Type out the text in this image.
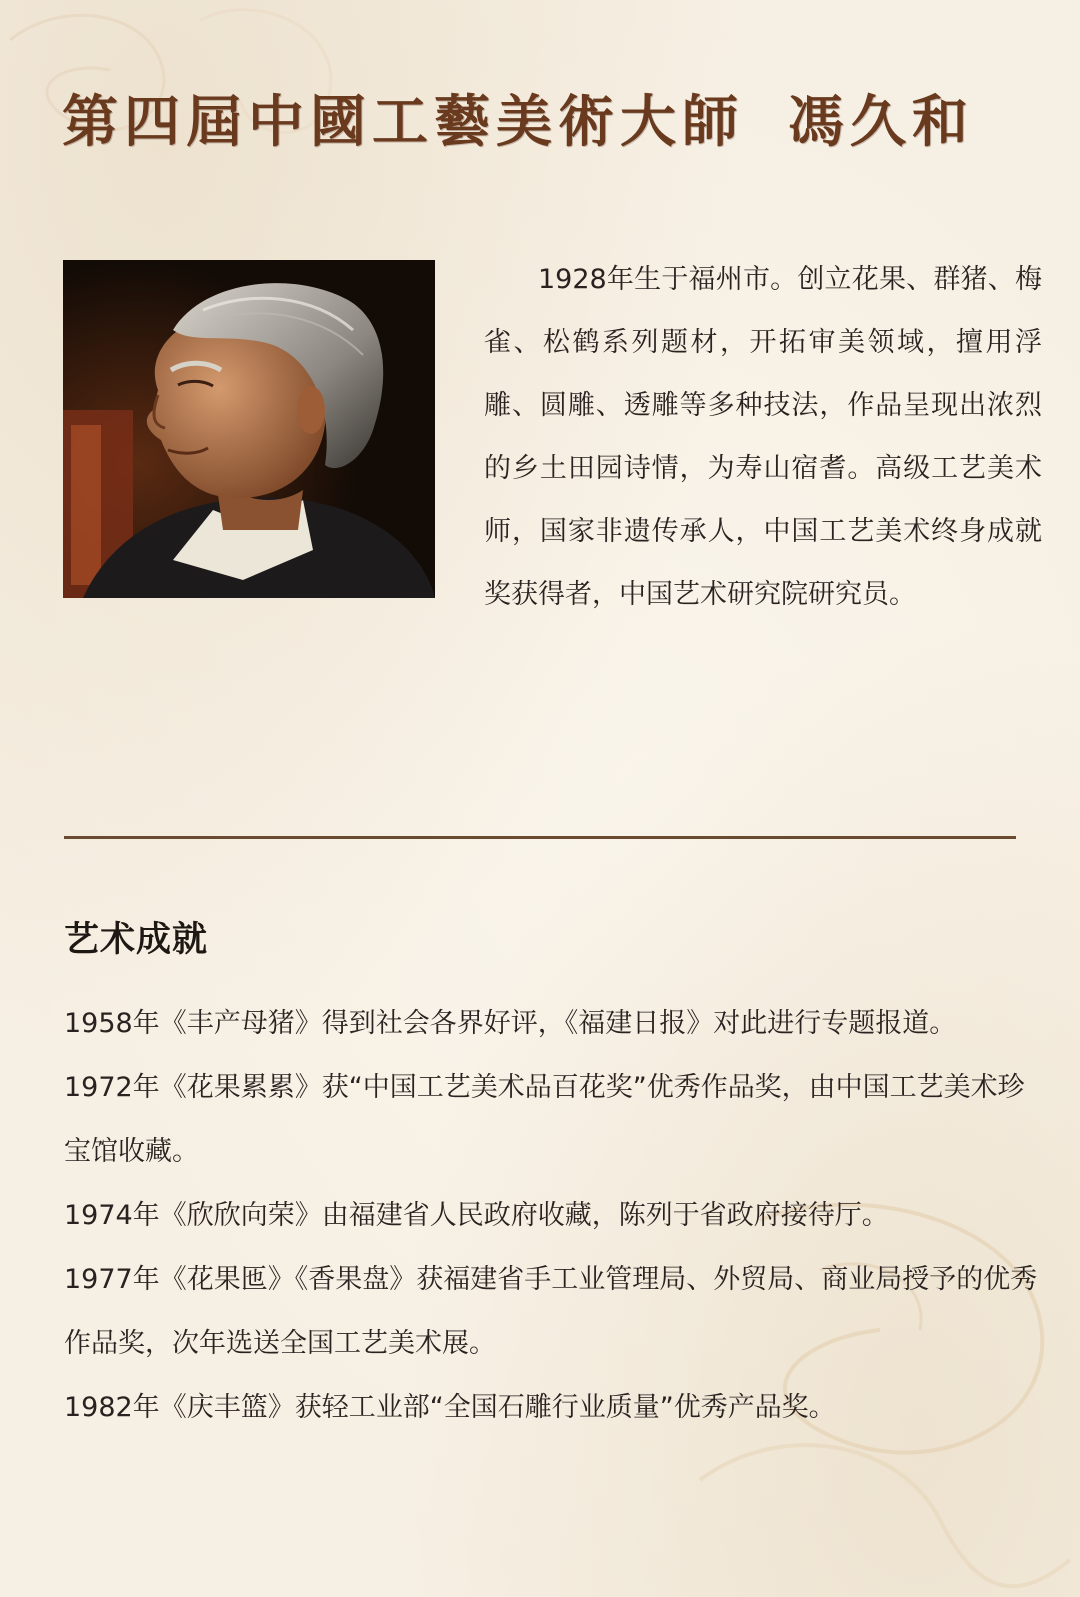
第四屆中國工藝美術大師 馮久和

1928年生于福州市。创立花果、群猪、梅雀、松鹤系列题材，开拓审美领域，擅用浮雕、圆雕、透雕等多种技法，作品呈现出浓烈的乡土田园诗情，为寿山宿耆。高级工艺美术师，国家非遗传承人，中国工艺美术终身成就奖获得者，中国艺术研究院研究员。

艺术成就
1958年《丰产母猪》得到社会各界好评，《福建日报》对此进行专题报道。
1972年《花果累累》获“中国工艺美术品百花奖”优秀作品奖，由中国工艺美术珍宝馆收藏。
1974年《欣欣向荣》由福建省人民政府收藏，陈列于省政府接待厅。
1977年《花果匜》《香果盘》获福建省手工业管理局、外贸局、商业局授予的优秀作品奖，次年选送全国工艺美术展。
1982年《庆丰篮》获轻工业部“全国石雕行业质量”优秀产品奖。
